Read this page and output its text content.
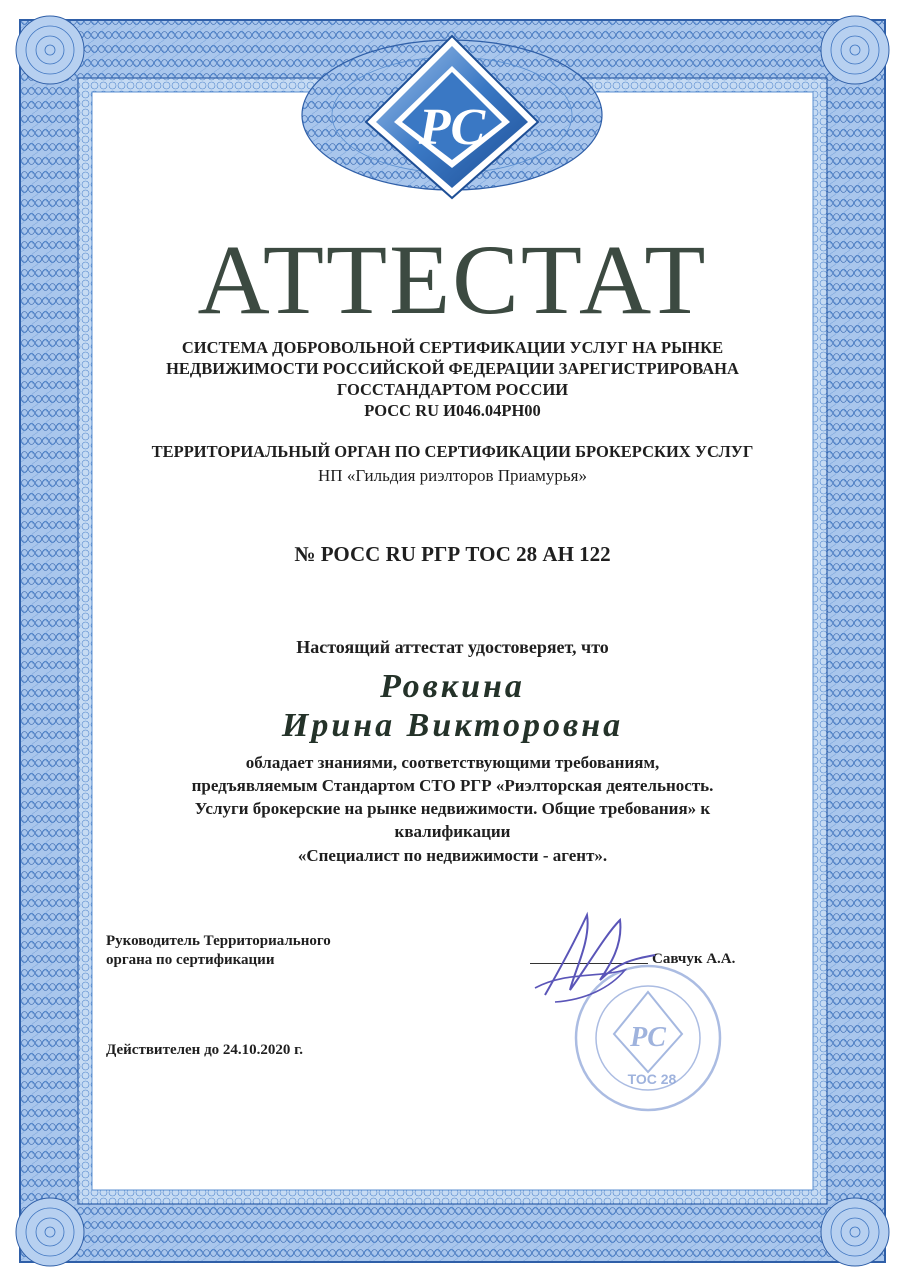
РС
АТТЕСТАТ
СИСТЕМА ДОБРОВОЛЬНОЙ СЕРТИФИКАЦИИ УСЛУГ НА РЫНКЕ
НЕДВИЖИМОСТИ РОССИЙСКОЙ ФЕДЕРАЦИИ ЗАРЕГИСТРИРОВАНА
ГОССТАНДАРТОМ РОССИИ
РОСС RU И046.04РН00
ТЕРРИТОРИАЛЬНЫЙ ОРГАН ПО СЕРТИФИКАЦИИ БРОКЕРСКИХ УСЛУГ
НП «Гильдия риэлторов Приамурья»
№ РОСС RU РГР ТОС 28 АН 122
Настоящий аттестат удостоверяет, что
Ровкина
Ирина Викторовна
обладает знаниями, соответствующими требованиям,
предъявляемым Стандартом СТО РГР «Риэлторская деятельность.
Услуги брокерские на рынке недвижимости. Общие требования» к
квалификации
«Специалист по недвижимости - агент».
Руководитель Территориального
органа по сертификации	Савчук А.А.
РС
ТОС 28
Действителен до 24.10.2020 г.
